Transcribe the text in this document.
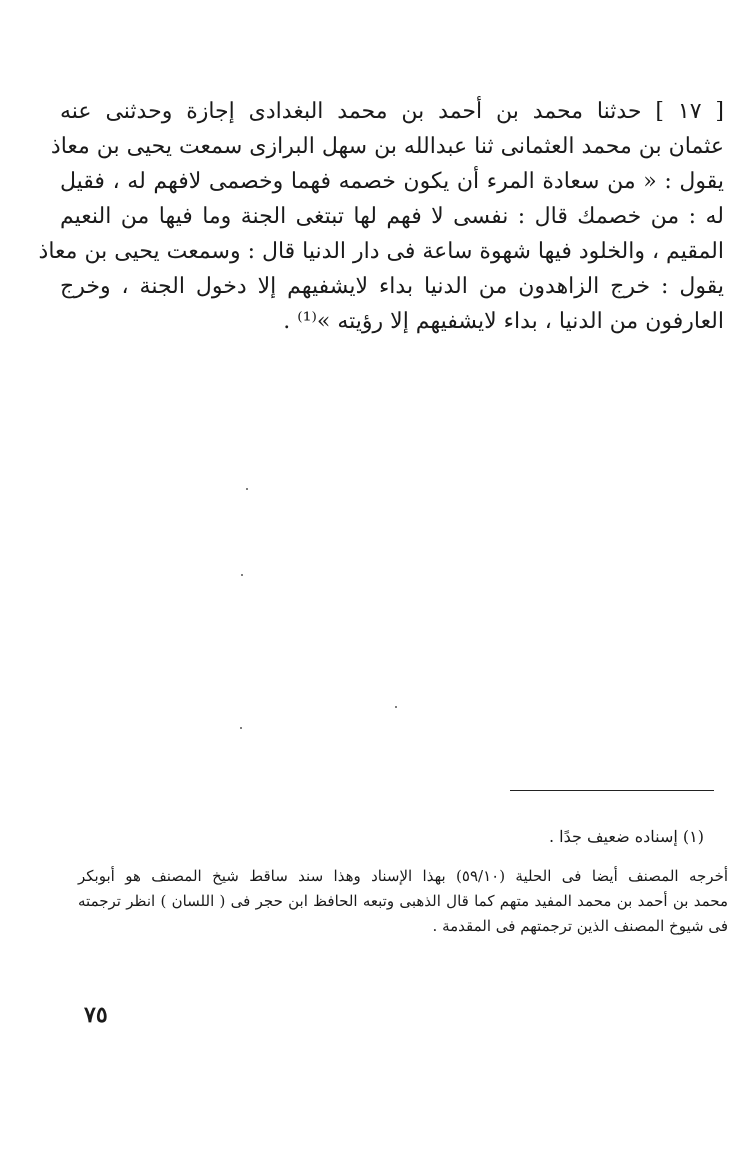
[ ١٧ ] حدثنا محمد بن أحمد بن محمد البغدادى إجازة وحدثنى عنه
عثمان بن محمد العثمانى ثنا عبدالله بن سهل البرازى سمعت يحيى بن معاذ
يقول : « من سعادة المرء أن يكون خصمه فهما وخصمى لافهم له ، فقيل
له : من خصمك قال : نفسى لا فهم لها تبتغى الجنة وما فيها من النعيم
المقيم ، والخلود فيها شهوة ساعة فى دار الدنيا قال : وسمعت يحيى بن معاذ
يقول : خرج الزاهدون من الدنيا بداء لايشفيهم إلا دخول الجنة ، وخرج
العارفون من الدنيا ، بداء لايشفيهم إلا رؤيته »⁽¹⁾ .
(١) إسناده ضعيف جدًا .
أخرجه المصنف أيضا فى الحلية (٥٩/١٠) بهذا الإسناد وهذا سند ساقط شيخ المصنف هو أبوبكر
محمد بن أحمد بن محمد المفيد متهم كما قال الذهبى وتبعه الحافظ ابن حجر فى ( اللسان ) انظر ترجمته
فى شيوخ المصنف الذين ترجمتهم فى المقدمة .
٧٥
